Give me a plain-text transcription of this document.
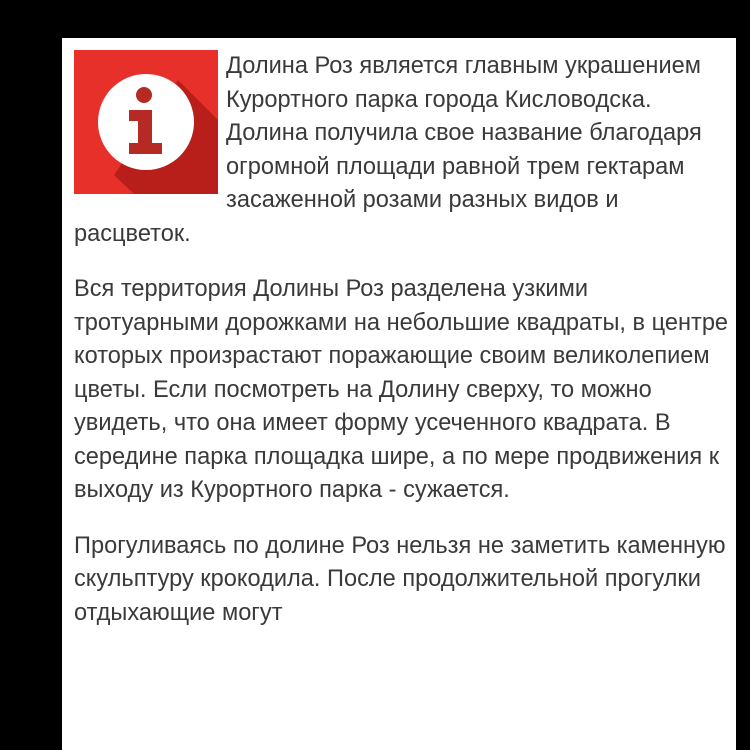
Долина Роз является главным украшением Курортного парка города Кисловодска. Долина получила свое название благодаря огромной площади равной трем гектарам засаженной розами разных видов и расцветок.

Вся территория Долины Роз разделена узкими тротуарными дорожками на небольшие квадраты, в центре которых произрастают поражающие своим великолепием цветы. Если посмотреть на Долину сверху, то можно увидеть, что она имеет форму усеченного квадрата. В середине парка площадка шире, а по мере продвижения к выходу из Курортного парка - сужается.

Прогуливаясь по долине Роз нельзя не заметить каменную скульптуру крокодила. После продолжительной прогулки отдыхающие могут
